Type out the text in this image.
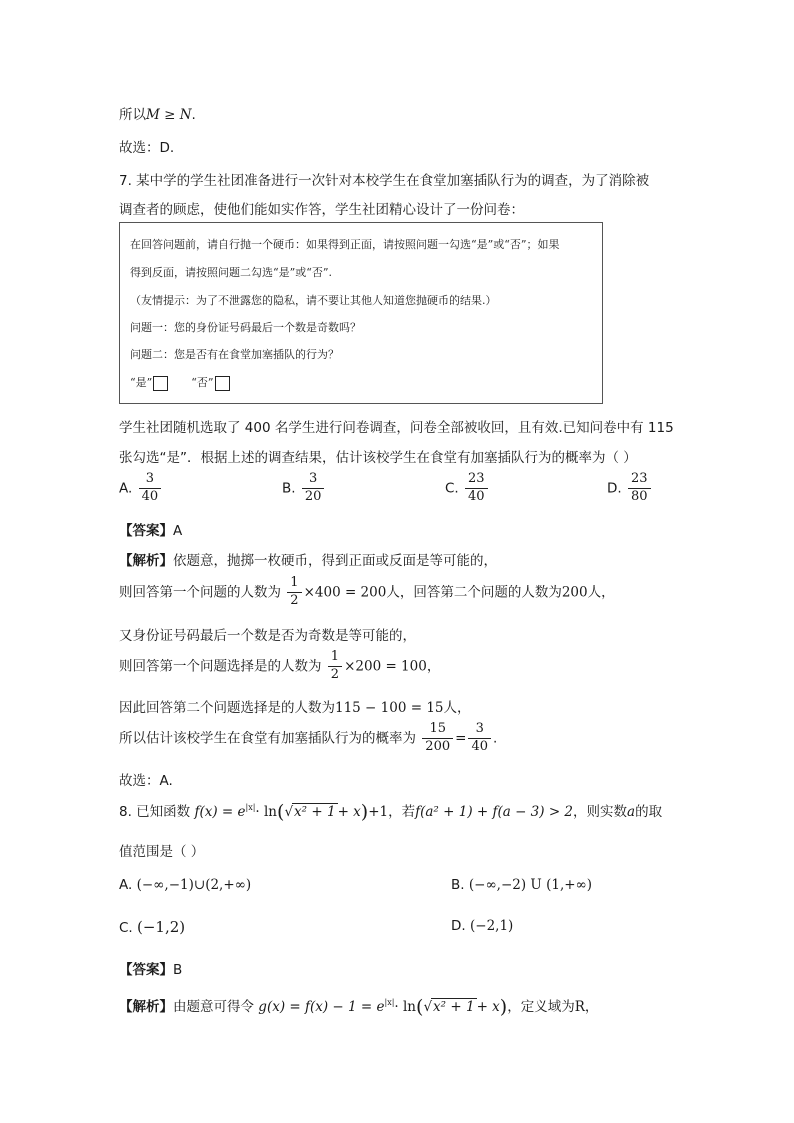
所以M ≥ N.
故选：D.
7. 某中学的学生社团准备进行一次针对本校学生在食堂加塞插队行为的调查，为了消除被
调查者的顾虑，使他们能如实作答，学生社团精心设计了一份问卷：
在回答问题前，请自行抛一个硬币：如果得到正面，请按照问题一勾选“是”或“否”；如果
得到反面，请按照问题二勾选“是”或“否”.
（友情提示：为了不泄露您的隐私，请不要让其他人知道您抛硬币的结果.）
问题一：您的身份证号码最后一个数是奇数吗？
问题二：您是否有在食堂加塞插队的行为？
“是”	“否”
学生社团随机选取了 400 名学生进行问卷调查，问卷全部被收回，且有效.已知问卷中有 115
张勾选“是”．根据上述的调查结果，估计该校学生在食堂有加塞插队行为的概率为（ ）
A. $\frac{3}{40}$	B. $\frac{3}{20}$	C. $\frac{23}{40}$	D. $\frac{23}{80}$
【答案】A
【解析】依题意，抛掷一枚硬币，得到正面或反面是等可能的，
则回答第一个问题的人数为 $\frac{1}{2} \times 400 = 200$人，回答第二个问题的人数为200人，
又身份证号码最后一个数是否为奇数是等可能的，
则回答第一个问题选择是的人数为 $\frac{1}{2} \times 200 = 100$，
因此回答第二个问题选择是的人数为115 − 100 = 15人，
所以估计该校学生在食堂有加塞插队行为的概率为 $\frac{15}{200} = \frac{3}{40}$ .
故选：A.
8. 已知函数 $f(x) = e^{|x|}\cdot \ln(√x^2 + 1 + x)+1$，若f(a² + 1) + f(a − 3) > 2，则实数a的取
值范围是（ ）
A. (−∞,−1)∪(2,+∞)	B. (−∞,−2) U (1,+∞)
C. (−1,2)	D. (−2,1)
【答案】B
【解析】由题意可得令 $g(x) = f(x) - 1 = e^{|x|}\cdot \ln(√x^2 + 1 + x)$，定义域为R，
